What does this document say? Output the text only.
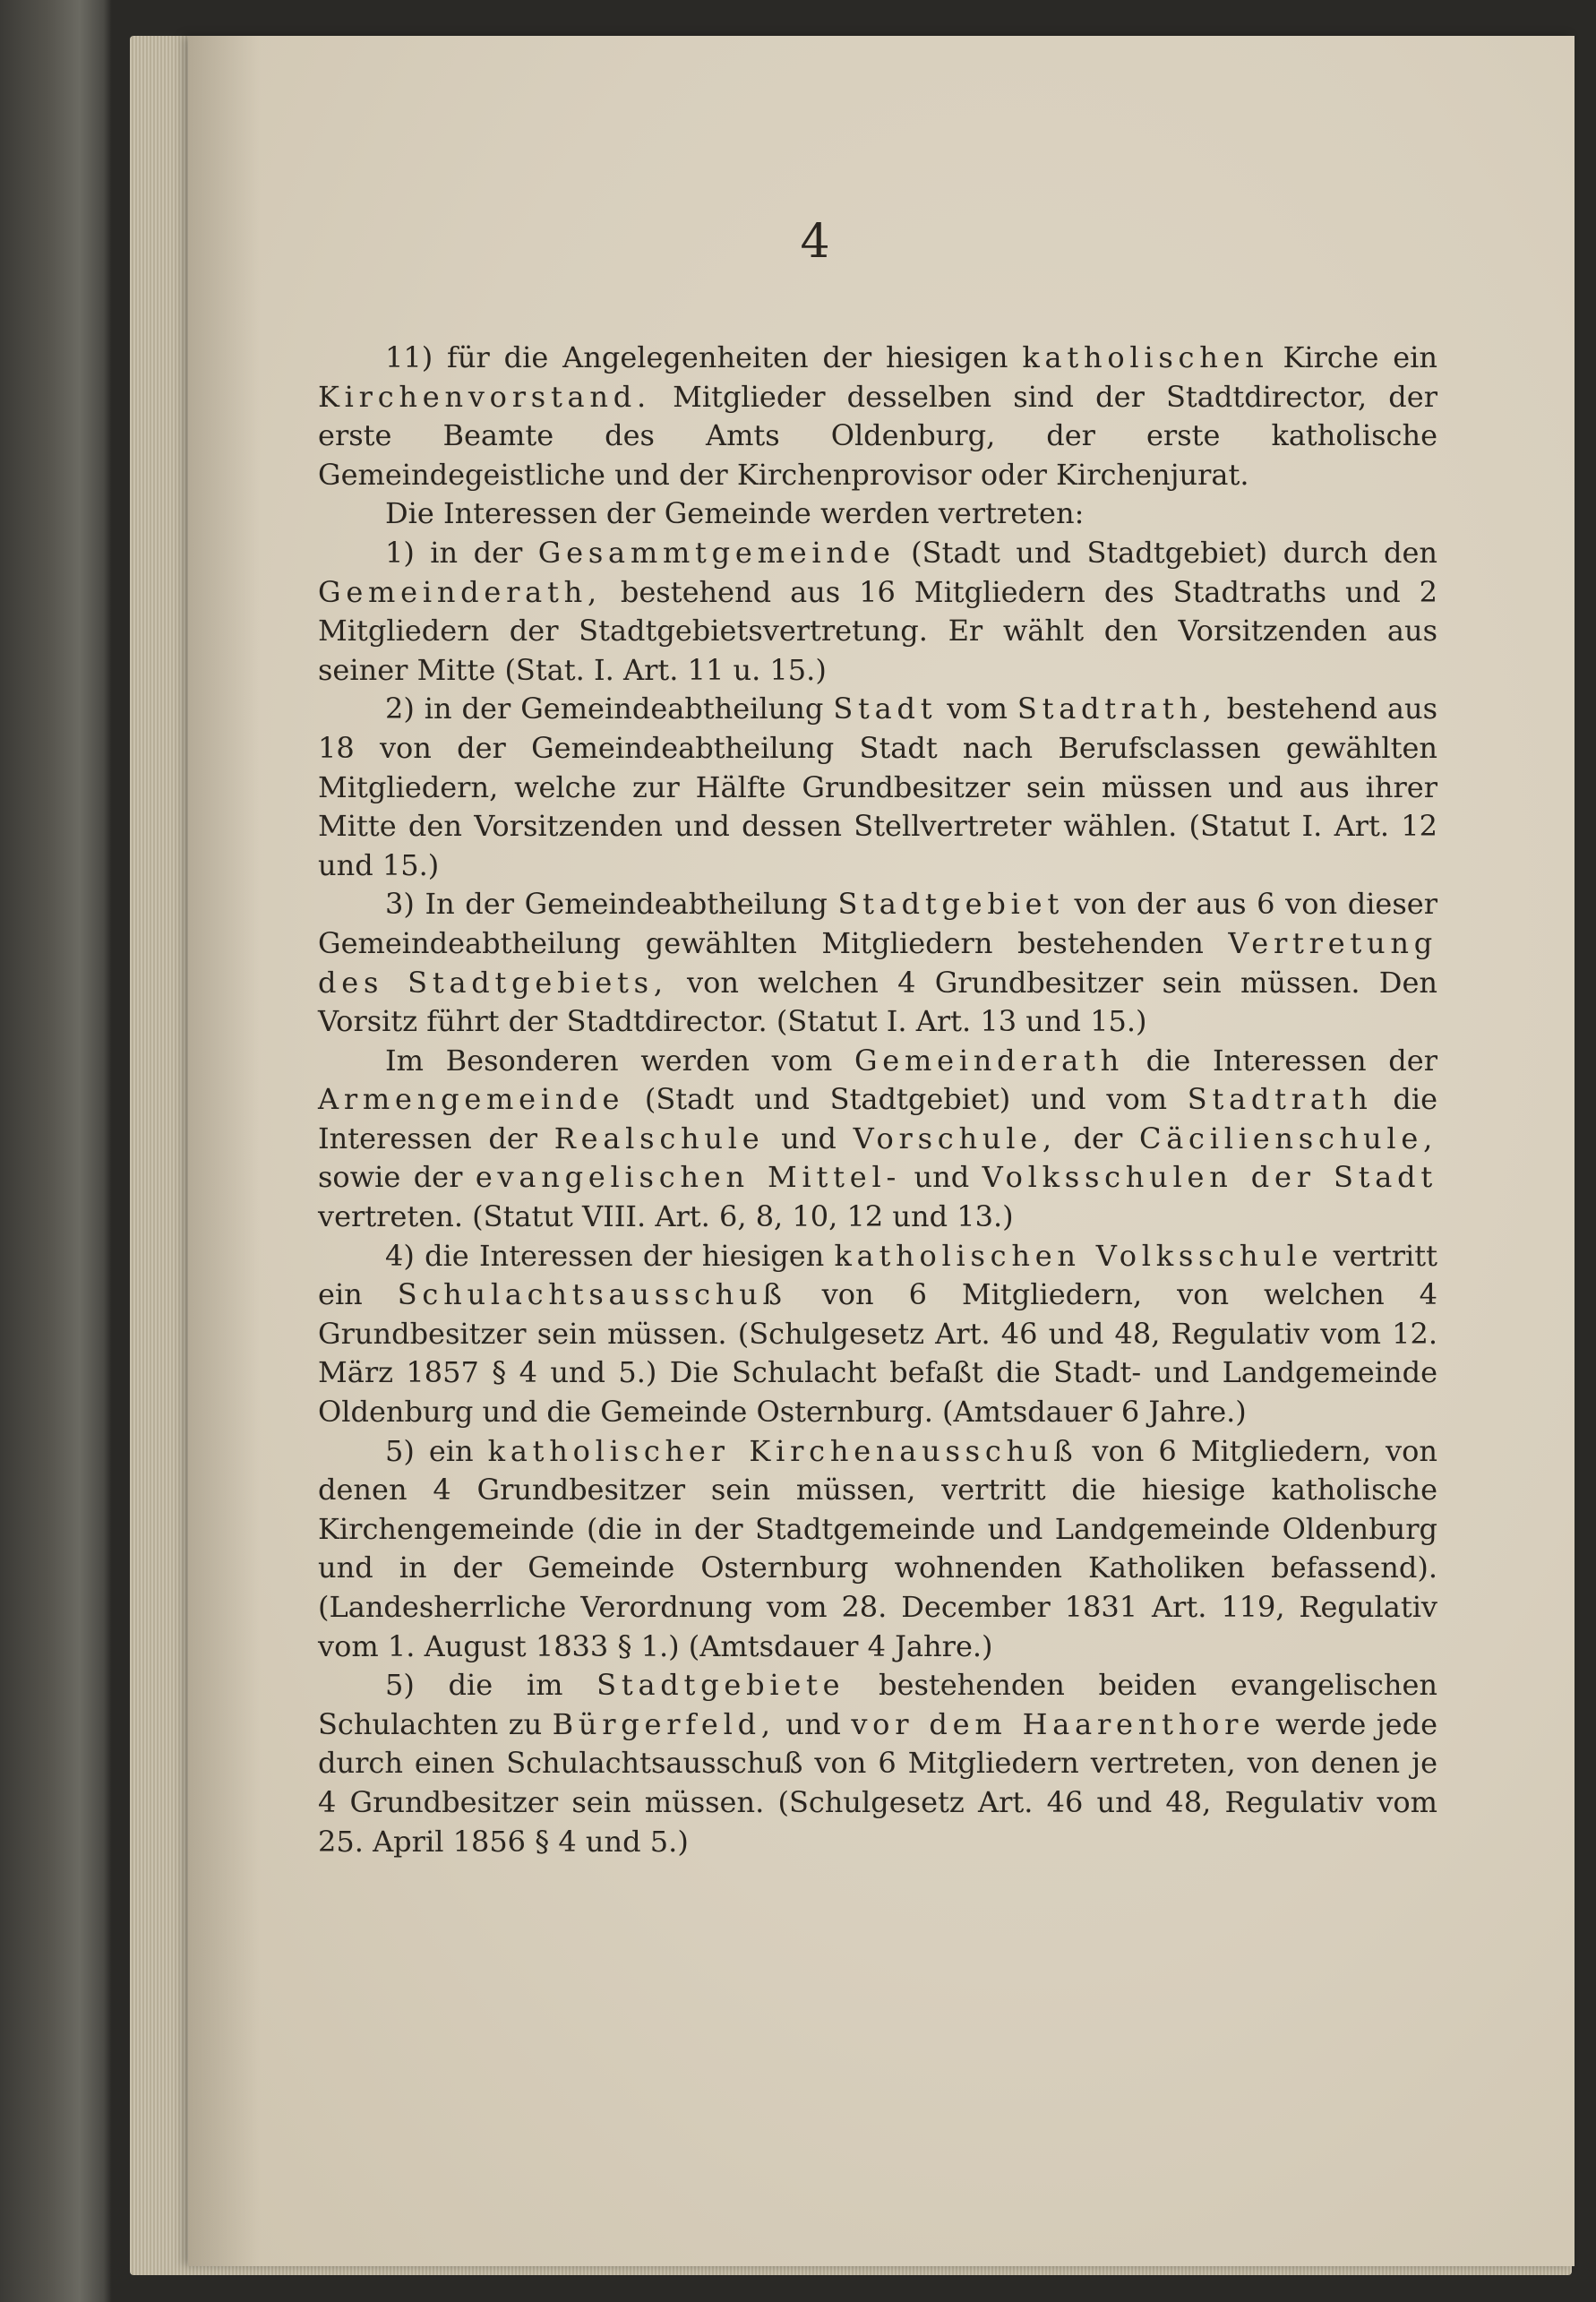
4

11) für die Angelegenheiten der hiesigen katholischen Kirche ein Kirchenvorstand. Mitglieder desselben sind der Stadtdirector, der erste Beamte des Amts Oldenburg, der erste katholische Gemeindegeistliche und der Kirchenprovisor oder Kirchenjurat.

Die Interessen der Gemeinde werden vertreten:

1) in der Gesammtgemeinde (Stadt und Stadtgebiet) durch den Gemeinderath, bestehend aus 16 Mitgliedern des Stadtraths und 2 Mitgliedern der Stadtgebietsvertretung. Er wählt den Vorsitzenden aus seiner Mitte (Stat. I. Art. 11 u. 15.)

2) in der Gemeindeabtheilung Stadt vom Stadtrath, bestehend aus 18 von der Gemeindeabtheilung Stadt nach Berufsclassen gewählten Mitgliedern, welche zur Hälfte Grundbesitzer sein müssen und aus ihrer Mitte den Vorsitzenden und dessen Stellvertreter wählen. (Statut I. Art. 12 und 15.)

3) In der Gemeindeabtheilung Stadtgebiet von der aus 6 von dieser Gemeindeabtheilung gewählten Mitgliedern bestehenden Vertretung des Stadtgebiets, von welchen 4 Grundbesitzer sein müssen. Den Vorsitz führt der Stadtdirector. (Statut I. Art. 13 und 15.)

Im Besonderen werden vom Gemeinderath die Interessen der Armengemeinde (Stadt und Stadtgebiet) und vom Stadtrath die Interessen der Realschule und Vorschule, der Cäcilienschule, sowie der evangelischen Mittel- und Volksschulen der Stadt vertreten. (Statut VIII. Art. 6, 8, 10, 12 und 13.)

4) die Interessen der hiesigen katholischen Volksschule vertritt ein Schulachtsausschuß von 6 Mitgliedern, von welchen 4 Grundbesitzer sein müssen. (Schulgesetz Art. 46 und 48, Regulativ vom 12. März 1857 § 4 und 5.) Die Schulacht befaßt die Stadt- und Landgemeinde Oldenburg und die Gemeinde Osternburg. (Amtsdauer 6 Jahre.)

5) ein katholischer Kirchenausschuß von 6 Mitgliedern, von denen 4 Grundbesitzer sein müssen, vertritt die hiesige katholische Kirchengemeinde (die in der Stadtgemeinde und Landgemeinde Oldenburg und in der Gemeinde Osternburg wohnenden Katholiken befassend). (Landesherrliche Verordnung vom 28. December 1831 Art. 119, Regulativ vom 1. August 1833 § 1.) (Amtsdauer 4 Jahre.)

5) die im Stadtgebiete bestehenden beiden evangelischen Schulachten zu Bürgerfeld, und vor dem Haarenthore werde jede durch einen Schulachtsausschuß von 6 Mitgliedern vertreten, von denen je 4 Grundbesitzer sein müssen. (Schulgesetz Art. 46 und 48, Regulativ vom 25. April 1856 § 4 und 5.)
